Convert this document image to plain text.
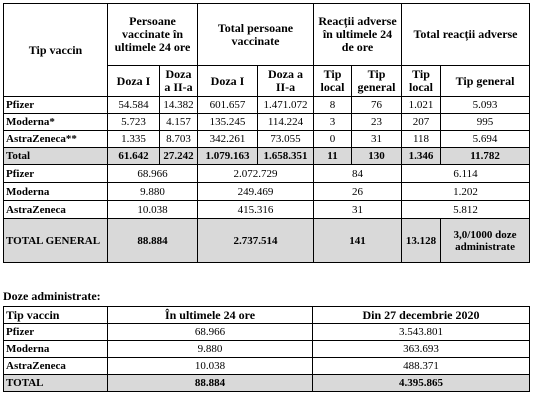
Tip vaccin	Persoane vaccinate în ultimele 24 ore		Total persoane vaccinate		Reacții adverse în ultimele 24 de ore		Total reacții adverse	
	Doza I	Doza a II-a	Doza I	Doza a II-a	Tip local	Tip general	Tip local	Tip general
Pfizer	54.584	14.382	601.657	1.471.072	8	76	1.021	5.093
Moderna*	5.723	4.157	135.245	114.224	3	23	207	995
AstraZeneca**	1.335	8.703	342.261	73.055	0	31	118	5.694
Total	61.642	27.242	1.079.163	1.658.351	11	130	1.346	11.782
Pfizer	68.966		2.072.729		84		6.114	
Moderna	9.880		249.469		26		1.202	
AstraZeneca	10.038		415.316		31		5.812	
TOTAL GENERAL	88.884		2.737.514		141		13.128	3,0/1000 doze administrate
Doze administrate:
Tip vaccin	În ultimele 24 ore	Din 27 decembrie 2020
Pfizer	68.966	3.543.801
Moderna	9.880	363.693
AstraZeneca	10.038	488.371
TOTAL	88.884	4.395.865
